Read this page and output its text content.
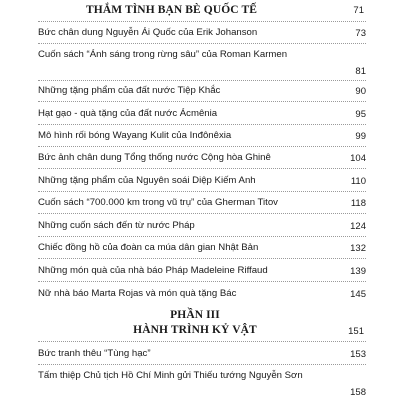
THẮM TÌNH BẠN BÈ QUỐC TẾ	71
Bức chân dung Nguyễn Ái Quốc của Erik Johanson	73
Cuốn sách “Ánh sáng trong rừng sâu” của Roman Karmen
81
Những tặng phẩm của đất nước Tiệp Khắc	90
Hạt gạo - quà tặng của đất nước Ácmênia	95
Mô hình rối bóng Wayang Kulit của Inđônêxia	99
Bức ảnh chân dung Tổng thống nước Cộng hòa Ghinê	104
Những tặng phẩm của Nguyên soái Diệp Kiếm Anh	110
Cuốn sách “700.000 km trong vũ trụ” của Gherman Titov	118
Những cuốn sách đến từ nước Pháp	124
Chiếc đồng hồ của đoàn ca múa dân gian Nhật Bản	132
Những món quà của nhà báo Pháp Madeleine Riffaud	139
Nữ nhà báo Marta Rojas và món quà tặng Bác	145
PHẦN III
HÀNH TRÌNH KỶ VẬT	151
Bức tranh thêu “Tùng hạc”	153
Tấm thiệp Chủ tịch Hồ Chí Minh gửi Thiếu tướng Nguyễn Sơn
158
